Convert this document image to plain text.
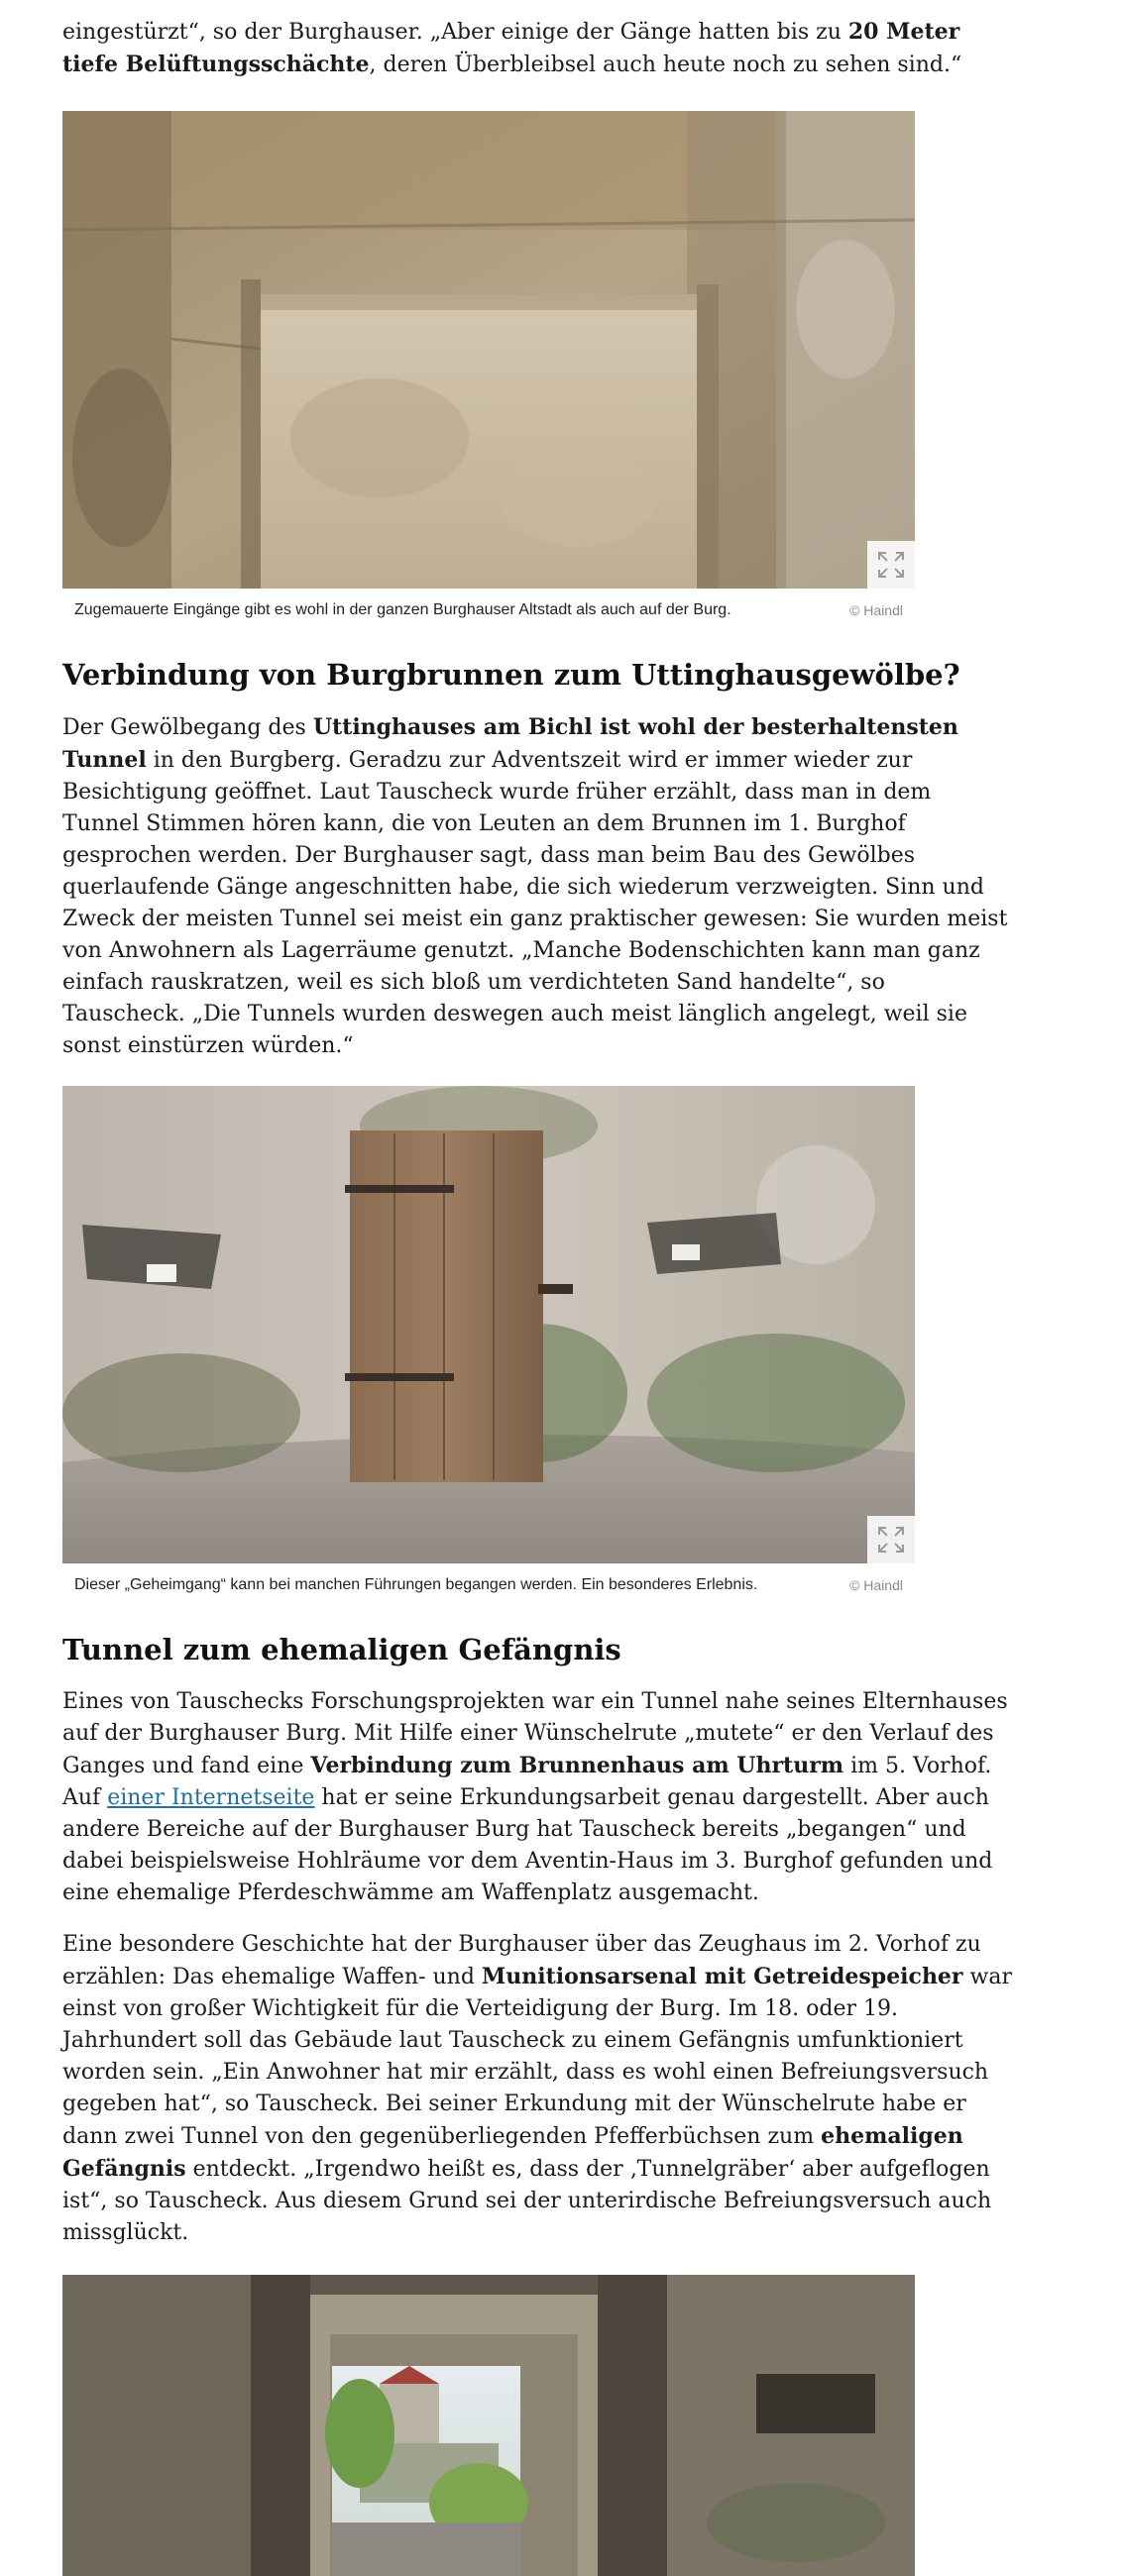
eingestürzt“, so der Burghauser. „Aber einige der Gänge hatten bis zu 20 Meter tiefe Belüftungsschächte, deren Überbleibsel auch heute noch zu sehen sind.“

Zugemauerte Eingänge gibt es wohl in der ganzen Burghauser Altstadt als auch auf der Burg.	© Haindl
Verbindung von Burgbrunnen zum Uttinghausgewölbe?

Der Gewölbegang des Uttinghauses am Bichl ist wohl der besterhaltensten Tunnel in den Burgberg. Geradzu zur Adventszeit wird er immer wieder zur Besichtigung geöffnet. Laut Tauscheck wurde früher erzählt, dass man in dem Tunnel Stimmen hören kann, die von Leuten an dem Brunnen im 1. Burghof gesprochen werden. Der Burghauser sagt, dass man beim Bau des Gewölbes querlaufende Gänge angeschnitten habe, die sich wiederum verzweigten. Sinn und Zweck der meisten Tunnel sei meist ein ganz praktischer gewesen: Sie wurden meist von Anwohnern als Lagerräume genutzt. „Manche Bodenschichten kann man ganz einfach rauskratzen, weil es sich bloß um verdichteten Sand handelte“, so Tauscheck. „Die Tunnels wurden deswegen auch meist länglich angelegt, weil sie sonst einstürzen würden.“

Dieser „Geheimgang“ kann bei manchen Führungen begangen werden. Ein besonderes Erlebnis.	© Haindl
Tunnel zum ehemaligen Gefängnis

Eines von Tauschecks Forschungsprojekten war ein Tunnel nahe seines Elternhauses auf der Burghauser Burg. Mit Hilfe einer Wünschelrute „mutete“ er den Verlauf des Ganges und fand eine Verbindung zum Brunnenhaus am Uhrturm im 5. Vorhof. Auf einer Internetseite hat er seine Erkundungsarbeit genau dargestellt. Aber auch andere Bereiche auf der Burghauser Burg hat Tauscheck bereits „begangen“ und dabei beispielsweise Hohlräume vor dem Aventin-Haus im 3. Burghof gefunden und eine ehemalige Pferdeschwämme am Waffenplatz ausgemacht.

Eine besondere Geschichte hat der Burghauser über das Zeughaus im 2. Vorhof zu erzählen: Das ehemalige Waffen- und Munitionsarsenal mit Getreidespeicher war einst von großer Wichtigkeit für die Verteidigung der Burg. Im 18. oder 19. Jahrhundert soll das Gebäude laut Tauscheck zu einem Gefängnis umfunktioniert worden sein. „Ein Anwohner hat mir erzählt, dass es wohl einen Befreiungsversuch gegeben hat“, so Tauscheck. Bei seiner Erkundung mit der Wünschelrute habe er dann zwei Tunnel von den gegenüberliegenden Pfefferbüchsen zum ehemaligen Gefängnis entdeckt. „Irgendwo heißt es, dass der ‚Tunnelgräber‘ aber aufgeflogen ist“, so Tauscheck. Aus diesem Grund sei der unterirdische Befreiungsversuch auch missglückt.
